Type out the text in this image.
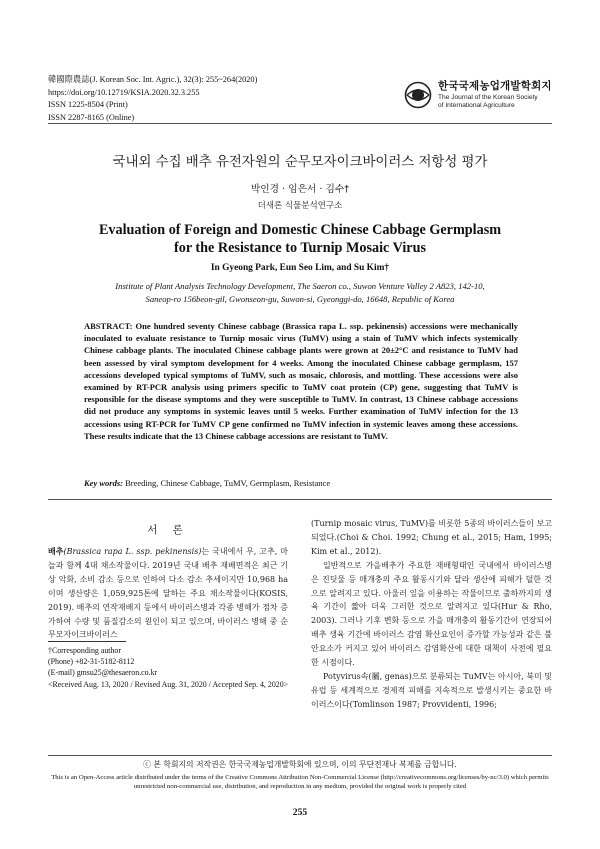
韓國際農誌(J. Korean Soc. Int. Agric.), 32(3): 255~264(2020)
https://doi.org/10.12719/KSIA.2020.32.3.255
ISSN 1225-8504 (Print)
ISSN 2287-8165 (Online)
한국국제농업개발학회지
The Journal of the Korean Society
of International Agriculture
국내외 수집 배추 유전자원의 순무모자이크바이러스 저항성 평가
박인경 · 임은서 · 김수†
더새론 식물분석연구소
Evaluation of Foreign and Domestic Chinese Cabbage Germplasm
for the Resistance to Turnip Mosaic Virus
In Gyeong Park, Eun Seo Lim, and Su Kim†
Institute of Plant Analysis Technology Development, The Saeron co., Suwon Venture Valley 2 A823, 142-10,
Saneop-ro 156beon-gil, Gwonseon-gu, Suwon-si, Gyeonggi-do, 16648, Republic of Korea
ABSTRACT: One hundred seventy Chinese cabbage (Brassica rapa L. ssp. pekinensis) accessions were mechanically inoculated to evaluate resistance to Turnip mosaic virus (TuMV) using a stain of TuMV which infects systemically Chinese cabbage plants. The inoculated Chinese cabbage plants were grown at 20±2°C and resistance to TuMV had been assessed by viral symptom development for 4 weeks. Among the inoculated Chinese cabbage germplasm, 157 accessions developed typical symptoms of TuMV, such as mosaic, chlorosis, and mottling. These accessions were also examined by RT-PCR analysis using primers specific to TuMV coat protein (CP) gene, suggesting that TuMV is responsible for the disease symptoms and they were susceptible to TuMV. In contrast, 13 Chinese cabbage accessions did not produce any symptoms in systemic leaves until 5 weeks. Further examination of TuMV infection for the 13 accessions using RT-PCR for TuMV CP gene confirmed no TuMV infection in systemic leaves among these accessions. These results indicate that the 13 Chinese cabbage accessions are resistant to TuMV.
Key words: Breeding, Chinese Cabbage, TuMV, Germplasm, Resistance
서 론

배추(Brassica rapa L. ssp. pekinensis)는 국내에서 무, 고추, 마늘과 함께 4대 채소작물이다. 2019년 국내 배추 재배면적은 최근 기상 악화, 소비 감소 등으로 인하여 다소 감소 추세이지만 10,968 ha이며 생산량은 1,059,925톤에 달하는 주요 채소작물이다(KOSIS, 2019). 배추의 연작재배지 등에서 바이러스병과 각종 병해가 점차 증가하여 수량 및 품질감소의 원인이 되고 있으며, 바이러스 병해 중 순무모자이크바이러스

†Corresponding author
(Phone) +82-31-5182-8112
(E-mail) gmsu25@thesaeron.co.kr
<Received Aug. 13, 2020 / Revised Aug. 31, 2020 / Accepted Sep. 4, 2020>

(Turnip mosaic virus, TuMV)를 비롯한 5종의 바이러스들이 보고되었다.(Choi & Choi. 1992; Chung et al., 2015; Ham, 1995; Kim et al., 2012).

일반적으로 가을배추가 주요한 재배형태인 국내에서 바이러스병은 진딧물 등 매개충의 주요 활동시기와 달라 생산에 피해가 덜한 것으로 알려지고 있다. 아울러 잎을 이용하는 작물이므로 출하까지의 생육 기간이 짧아 더욱 그러한 것으로 알려지고 있다(Hur & Rho, 2003). 그러나 기후 변화 등으로 가을 매개충의 활동기간이 연장되어 배추 생육 기간에 바이러스 감염 확산요인이 증가할 가능성과 같은 불안요소가 커지고 있어 바이러스 감염확산에 대한 대책이 사전에 필요한 시점이다.

Potyvirus속(屬, genas)으로 분류되는 TuMV는 아시아, 북미 및 유럽 등 세계적으로 경제적 피해를 지속적으로 발생시키는 중요한 바이러스이다(Tomlinson 1987; Provvidenti, 1996;

ⓒ 본 학회지의 저작권은 한국국제농업개발학회에 있으며, 이의 무단전재나 복제를 금합니다.
This is an Open-Access article distributed under the terms of the Creative Commons Attribution Non-Commercial License (http://creativecommons.org/licenses/by-nc/3.0) which permits unrestricted non-commercial use, distribution, and reproduction in any medium, provided the original work is properly cited
255
